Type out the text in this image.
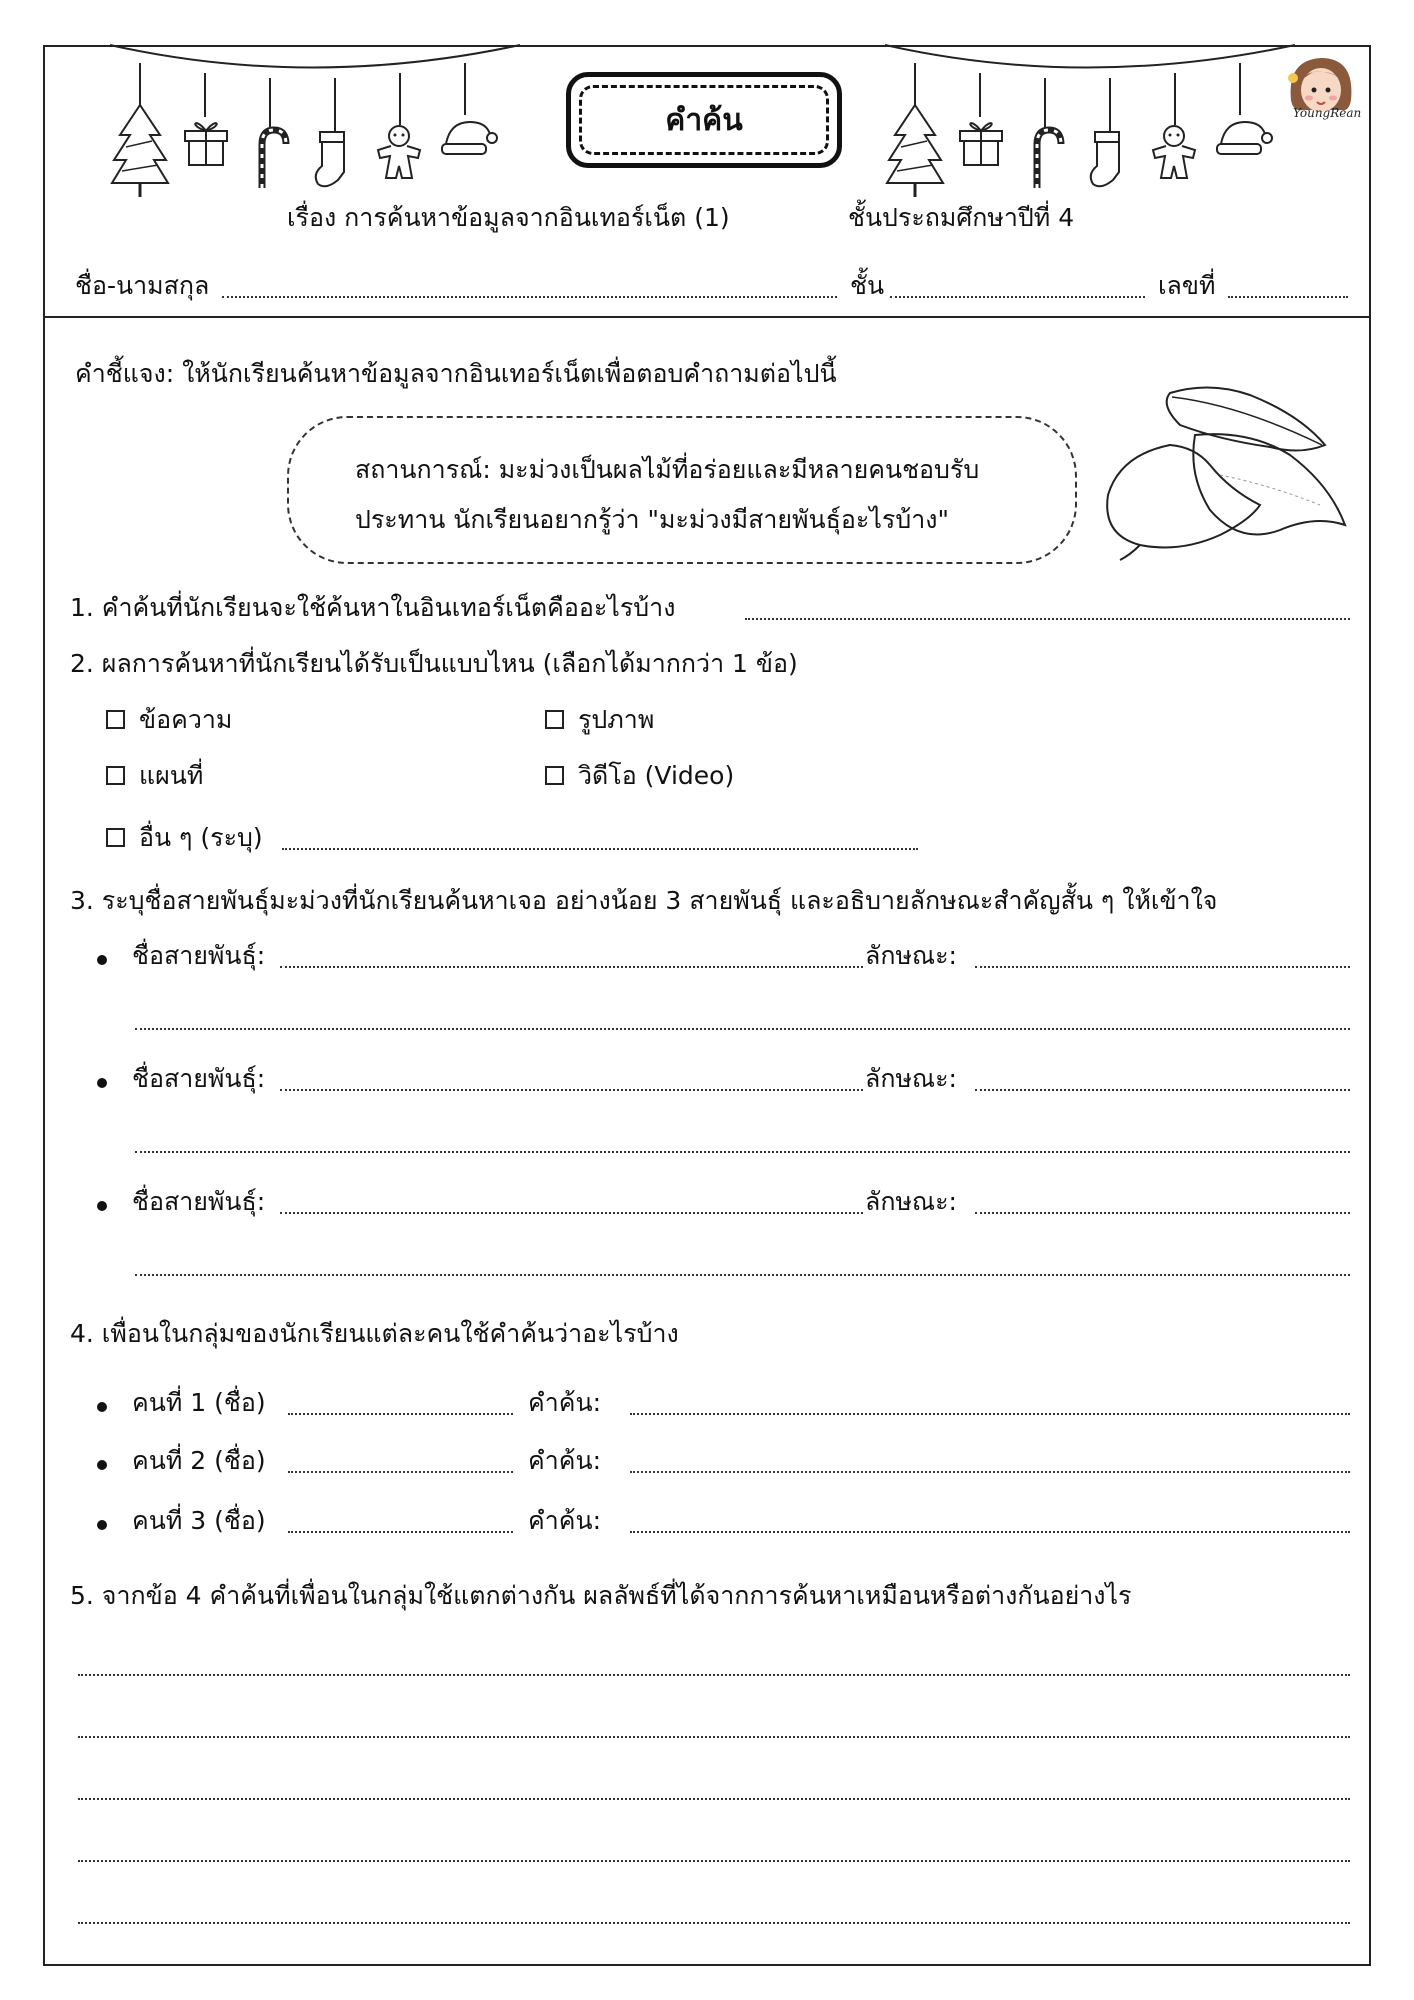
YoungRean
คำค้น
เรื่อง การค้นหาข้อมูลจากอินเทอร์เน็ต (1)	ชั้นประถมศึกษาปีที่ 4
ชื่อ-นามสกุล	ชั้น	เลขที่
คำชี้แจง: ให้นักเรียนค้นหาข้อมูลจากอินเทอร์เน็ตเพื่อตอบคำถามต่อไปนี้
สถานการณ์: มะม่วงเป็นผลไม้ที่อร่อยและมีหลายคนชอบรับ
ประทาน นักเรียนอยากรู้ว่า "มะม่วงมีสายพันธุ์อะไรบ้าง"
1. คำค้นที่นักเรียนจะใช้ค้นหาในอินเทอร์เน็ตคืออะไรบ้าง
2. ผลการค้นหาที่นักเรียนได้รับเป็นแบบไหน (เลือกได้มากกว่า 1 ข้อ)
ข้อความ	รูปภาพ
แผนที่	วิดีโอ (Video)
อื่น ๆ (ระบุ)
3. ระบุชื่อสายพันธุ์มะม่วงที่นักเรียนค้นหาเจอ อย่างน้อย 3 สายพันธุ์ และอธิบายลักษณะสำคัญสั้น ๆ ให้เข้าใจ
ชื่อสายพันธุ์:	ลักษณะ:
ชื่อสายพันธุ์:	ลักษณะ:
ชื่อสายพันธุ์:	ลักษณะ:
4. เพื่อนในกลุ่มของนักเรียนแต่ละคนใช้คำค้นว่าอะไรบ้าง
คนที่ 1 (ชื่อ)	คำค้น:
คนที่ 2 (ชื่อ)	คำค้น:
คนที่ 3 (ชื่อ)	คำค้น:
5. จากข้อ 4 คำค้นที่เพื่อนในกลุ่มใช้แตกต่างกัน ผลลัพธ์ที่ได้จากการค้นหาเหมือนหรือต่างกันอย่างไร
